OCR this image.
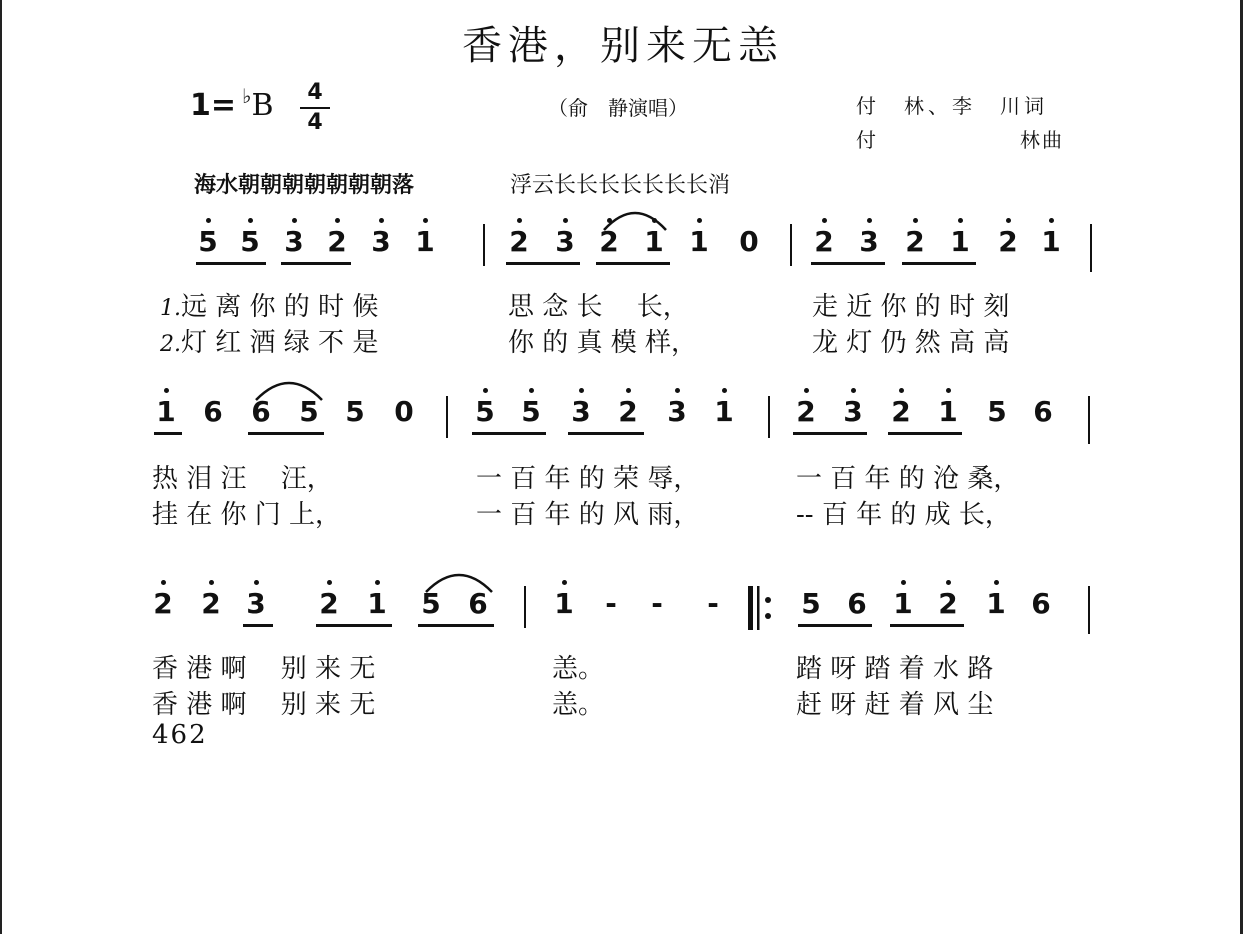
香港，别来无恙
1= ♭B	4
4
（俞　静演唱）	付　林、李　川词
付	林曲
海水朝朝朝朝朝朝朝落	浮云长长长长长长长消
1.远 离 你 的 时 候	思 念 长　 长，	走 近 你 的 时 刻
2.灯 红 酒 绿 不 是	你 的 真 模 样，	龙 灯 仍 然 高 高
热 泪 汪　 汪，	一 百 年 的 荣 辱，	一 百 年 的 沧 桑，
挂 在 你 门 上，	一 百 年 的 风 雨，	-- 百 年 的 成 长，
香 港 啊　 别 来 无	恙。	踏 呀 踏 着 水 路
香 港 啊　 别 来 无	恙。	赶 呀 赶 着 风 尘
462
5 5 3 2 3 1	2 3 2 1 1 0 2 3 2 1 2 1
1 6 6 5 5 0 5 5 3 2 3 1 2 3 2 1 5 6
2 2 3 2 1 5 6 1 - - -	5 6 1 2 1 6
